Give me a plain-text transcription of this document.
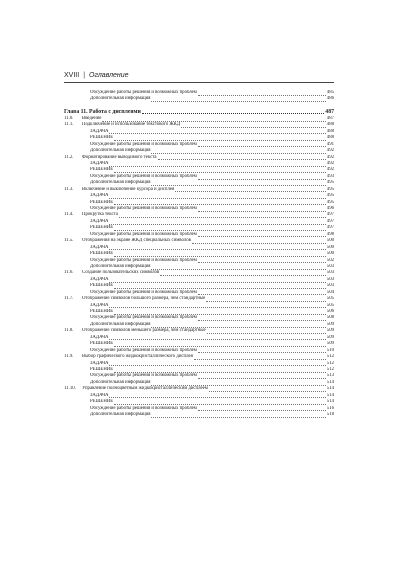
XVIII | Оглавление
Обсуждение работы решения и возможных проблем	485
Дополнительная информация	486
Глава 11. Работа с дисплеями	487
11.0.	Введение	487
11.1.	Подключение и использование текстового ЖКД	488
ЗАДАЧА	488
РЕШЕНИЕ	488
Обсуждение работы решения и возможных проблем	491
Дополнительная информация	492
11.2.	Форматирование выводимого текста	492
ЗАДАЧА	492
РЕШЕНИЕ	492
Обсуждение работы решения и возможных проблем	493
Дополнительная информация	495
11.3.	Включение и выключение курсора и дисплея	495
ЗАДАЧА	495
РЕШЕНИЕ	495
Обсуждение работы решения и возможных проблем	496
11.4.	Прокрутка текста	497
ЗАДАЧА	497
РЕШЕНИЕ	497
Обсуждение работы решения и возможных проблем	498
11.5.	Отображения на экране ЖКД специальных символов	500
ЗАДАЧА	500
РЕШЕНИЕ	500
Обсуждение работы решения и возможных проблем	502
Дополнительная информация	503
11.6.	Создание пользовательских символов	503
ЗАДАЧА	503
РЕШЕНИЕ	503
Обсуждение работы решения и возможных проблем	504
11.7.	Отображение символов большого размера, чем стандартные	505
ЗАДАЧА	505
РЕШЕНИЕ	506
Обсуждение работы решения и возможных проблем	508
Дополнительная информация	509
11.8.	Отображение символов меньшего размера, чем стандартные	509
ЗАДАЧА	509
РЕШЕНИЕ	509
Обсуждение работы решения и возможных проблем	510
11.9.	Выбор графического жидкокристаллического дисплея	512
ЗАДАЧА	512
РЕШЕНИЕ	512
Обсуждение работы решения и возможных проблем	513
Дополнительная информация	514
11.10.	Управление полноцветным жидкокристаллическим дисплеем	514
ЗАДАЧА	514
РЕШЕНИЕ	514
Обсуждение работы решения и возможных проблем	516
Дополнительная информация	518
